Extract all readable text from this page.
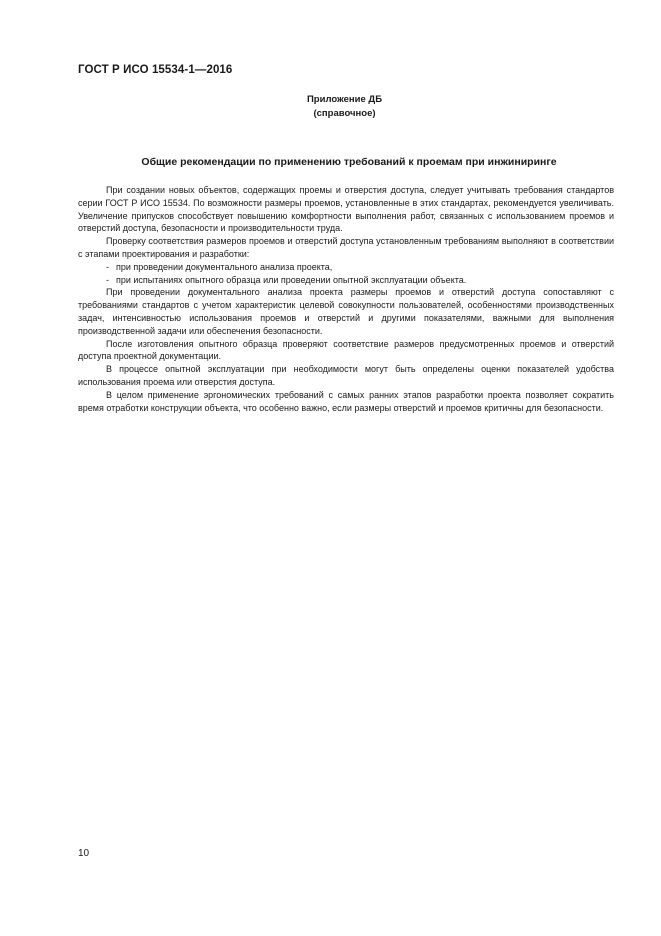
ГОСТ Р ИСО 15534-1—2016
Приложение ДБ
(справочное)
Общие рекомендации по применению требований к проемам при инжиниринге

При создании новых объектов, содержащих проемы и отверстия доступа, следует учитывать требования стандартов серии ГОСТ Р ИСО 15534. По возможности размеры проемов, установленные в этих стандартах, рекомендуется увеличивать. Увеличение припусков способствует повышению комфортности выполнения работ, связанных с использованием проемов и отверстий доступа, безопасности и производительности труда.

Проверку соответствия размеров проемов и отверстий доступа установленным требованиям выполняют в соответствии с этапами проектирования и разработки:

- при проведении документального анализа проекта,

- при испытаниях опытного образца или проведении опытной эксплуатации объекта.

При проведении документального анализа проекта размеры проемов и отверстий доступа сопоставляют с требованиями стандартов с учетом характеристик целевой совокупности пользователей, особенностями производственных задач, интенсивностью использования проемов и отверстий и другими показателями, важными для выполнения производственной задачи или обеспечения безопасности.

После изготовления опытного образца проверяют соответствие размеров предусмотренных проемов и отверстий доступа проектной документации.

В процессе опытной эксплуатации при необходимости могут быть определены оценки показателей удобства использования проема или отверстия доступа.

В целом применение эргономических требований с самых ранних этапов разработки проекта позволяет сократить время отработки конструкции объекта, что особенно важно, если размеры отверстий и проемов критичны для безопасности.

10
